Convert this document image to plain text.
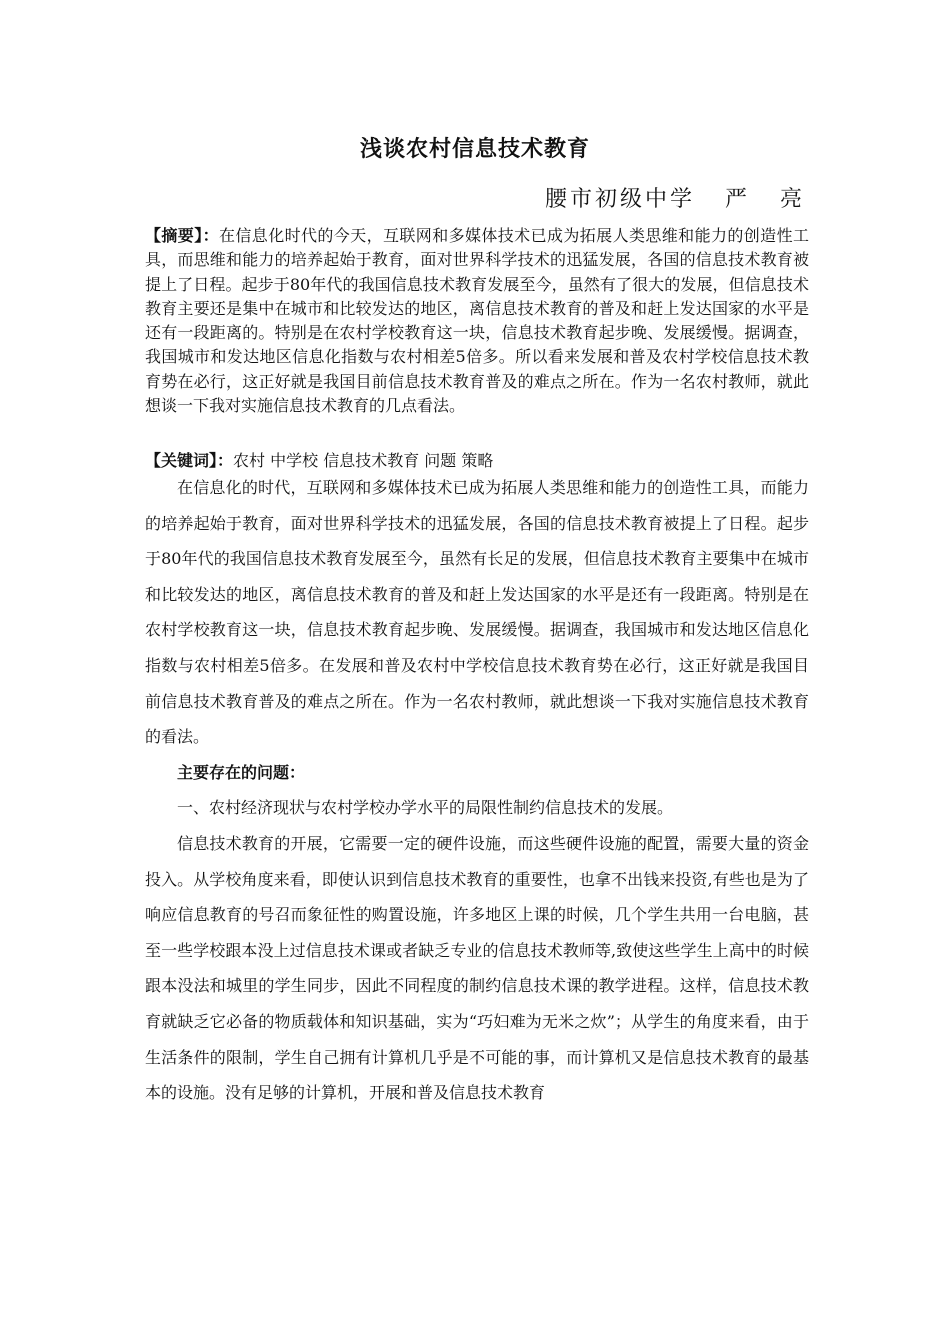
浅谈农村信息技术教育
腰市初级中学   严   亮

【摘要】：在信息化时代的今天，互联网和多媒体技术已成为拓展人类思维和能力的创造性工具，而思维和能力的培养起始于教育，面对世界科学技术的迅猛发展，各国的信息技术教育被提上了日程。起步于80年代的我国信息技术教育发展至今，虽然有了很大的发展，但信息技术教育主要还是集中在城市和比较发达的地区，离信息技术教育的普及和赶上发达国家的水平是还有一段距离的。特别是在农村学校教育这一块，信息技术教育起步晚、发展缓慢。据调查，我国城市和发达地区信息化指数与农村相差5倍多。所以看来发展和普及农村学校信息技术教育势在必行，这正好就是我国目前信息技术教育普及的难点之所在。作为一名农村教师，就此想谈一下我对实施信息技术教育的几点看法。

【关键词】：农村 中学校 信息技术教育 问题 策略

在信息化的时代，互联网和多媒体技术已成为拓展人类思维和能力的创造性工具，而能力的培养起始于教育，面对世界科学技术的迅猛发展，各国的信息技术教育被提上了日程。起步于80年代的我国信息技术教育发展至今，虽然有长足的发展，但信息技术教育主要集中在城市和比较发达的地区，离信息技术教育的普及和赶上发达国家的水平是还有一段距离。特别是在农村学校教育这一块，信息技术教育起步晚、发展缓慢。据调查，我国城市和发达地区信息化指数与农村相差5倍多。在发展和普及农村中学校信息技术教育势在必行，这正好就是我国目前信息技术教育普及的难点之所在。作为一名农村教师，就此想谈一下我对实施信息技术教育的看法。

主要存在的问题：

一、农村经济现状与农村学校办学水平的局限性制约信息技术的发展。

信息技术教育的开展，它需要一定的硬件设施，而这些硬件设施的配置，需要大量的资金投入。从学校角度来看，即使认识到信息技术教育的重要性，也拿不出钱来投资,有些也是为了响应信息教育的号召而象征性的购置设施，许多地区上课的时候，几个学生共用一台电脑，甚至一些学校跟本没上过信息技术课或者缺乏专业的信息技术教师等,致使这些学生上高中的时候跟本没法和城里的学生同步，因此不同程度的制约信息技术课的教学进程。这样，信息技术教育就缺乏它必备的物质载体和知识基础，实为“巧妇难为无米之炊”；从学生的角度来看，由于生活条件的限制，学生自己拥有计算机几乎是不可能的事，而计算机又是信息技术教育的最基本的设施。没有足够的计算机，开展和普及信息技术教育
